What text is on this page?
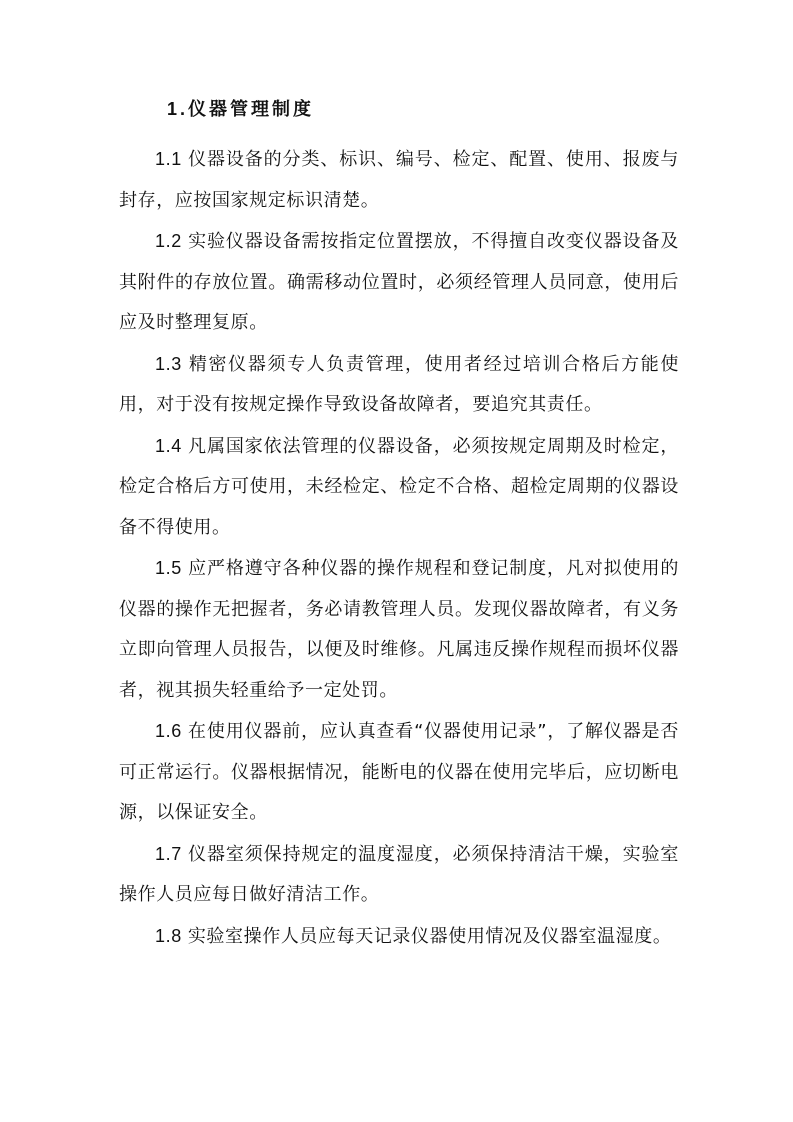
1.仪器管理制度

1.1 仪器设备的分类、标识、编号、检定、配置、使用、报废与封存，应按国家规定标识清楚。

1.2 实验仪器设备需按指定位置摆放，不得擅自改变仪器设备及其附件的存放位置。确需移动位置时，必须经管理人员同意，使用后应及时整理复原。

1.3 精密仪器须专人负责管理，使用者经过培训合格后方能使用，对于没有按规定操作导致设备故障者，要追究其责任。

1.4 凡属国家依法管理的仪器设备，必须按规定周期及时检定，检定合格后方可使用，未经检定、检定不合格、超检定周期的仪器设备不得使用。

1.5 应严格遵守各种仪器的操作规程和登记制度，凡对拟使用的仪器的操作无把握者，务必请教管理人员。发现仪器故障者，有义务立即向管理人员报告，以便及时维修。凡属违反操作规程而损坏仪器者，视其损失轻重给予一定处罚。

1.6 在使用仪器前，应认真查看“仪器使用记录”，了解仪器是否可正常运行。仪器根据情况，能断电的仪器在使用完毕后，应切断电源，以保证安全。

1.7 仪器室须保持规定的温度湿度，必须保持清洁干燥，实验室操作人员应每日做好清洁工作。

1.8 实验室操作人员应每天记录仪器使用情况及仪器室温湿度。
